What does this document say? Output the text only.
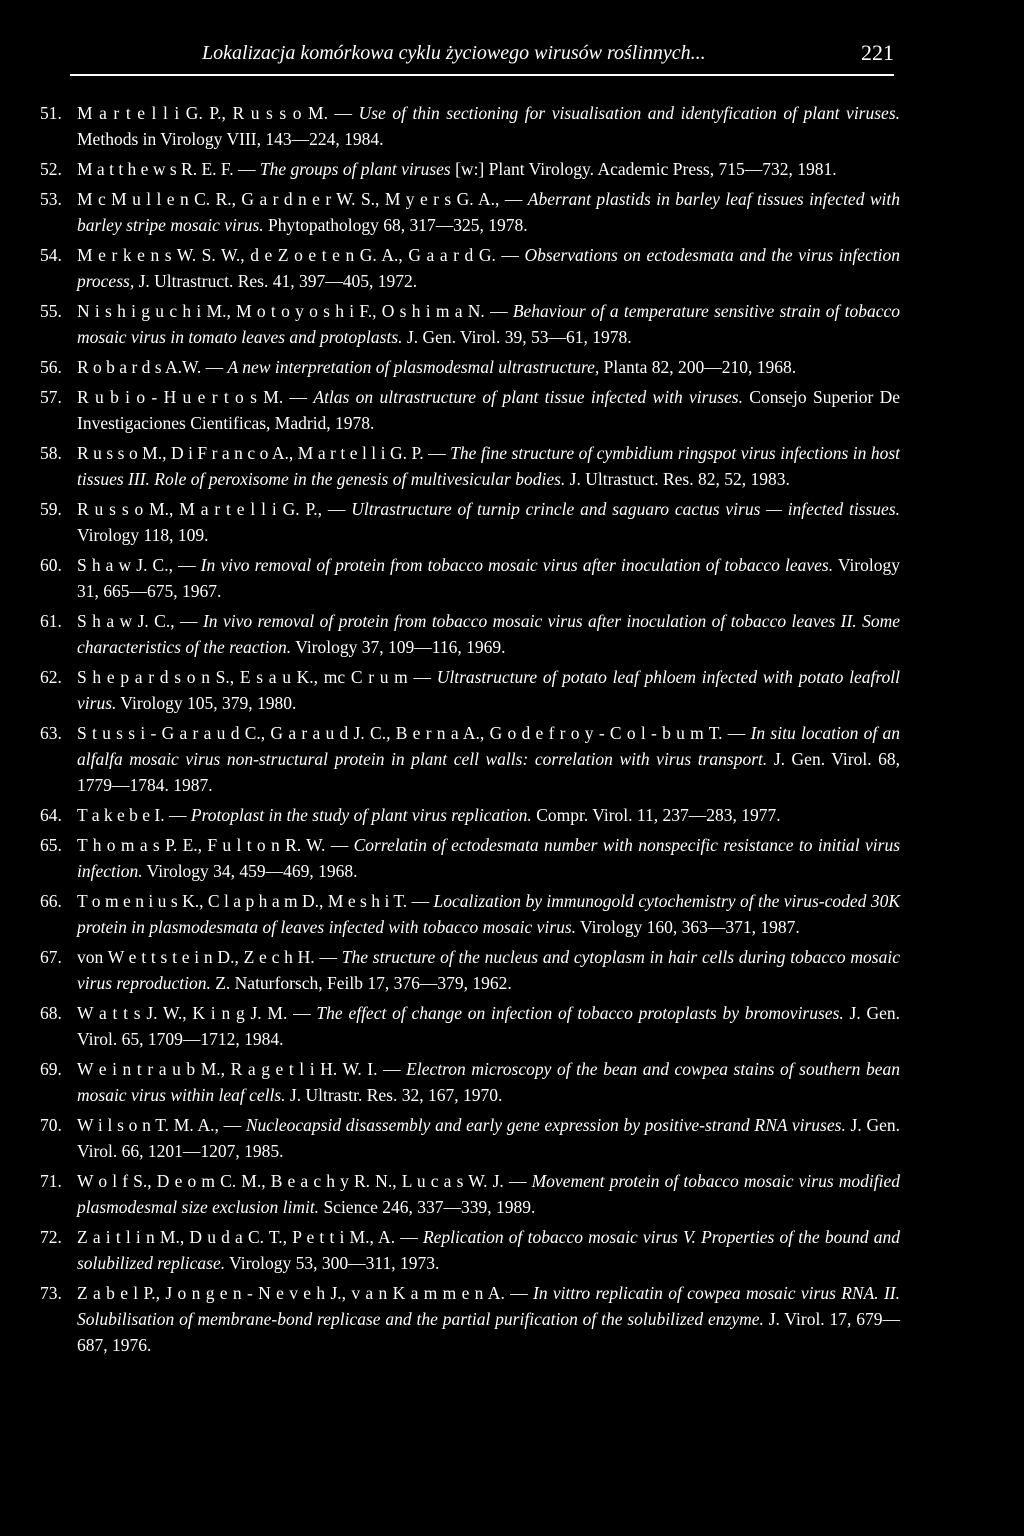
Lokalizacja komórkowa cyklu życiowego wirusów roślinnych...	221
51. M a r t e l l i G. P., R u s s o M. — Use of thin sectioning for visualisation and identyfication of plant viruses. Methods in Virology VIII, 143—224, 1984.
52. M a t t h e w s R. E. F. — The groups of plant viruses [w:] Plant Virology. Academic Press, 715—732, 1981.
53. M c M u l l e n C. R., G a r d n e r W. S., M y e r s G. A., — Aberrant plastids in barley leaf tissues infected with barley stripe mosaic virus. Phytopathology 68, 317—325, 1978.
54. M e r k e n s W. S. W., d e Z o e t e n G. A., G a a r d G. — Observations on ectodesmata and the virus infection process, J. Ultrastruct. Res. 41, 397—405, 1972.
55. N i s h i g u c h i M., M o t o y o s h i F., O s h i m a N. — Behaviour of a temperature sensitive strain of tobacco mosaic virus in tomato leaves and protoplasts. J. Gen. Virol. 39, 53—61, 1978.
56. R o b a r d s A.W. — A new interpretation of plasmodesmal ultrastructure, Planta 82, 200—210, 1968.
57. R u b i o - H u e r t o s M. — Atlas on ultrastructure of plant tissue infected with viruses. Consejo Superior De Investigaciones Cientificas, Madrid, 1978.
58. R u s s o M., D i F r a n c o A., M a r t e l l i G. P. — The fine structure of cymbidium ringspot virus infections in host tissues III. Role of peroxisome in the genesis of multivesicular bodies. J. Ultrastuct. Res. 82, 52, 1983.
59. R u s s o M., M a r t e l l i G. P., — Ultrastructure of turnip crincle and saguaro cactus virus — infected tissues. Virology 118, 109.
60. S h a w J. C., — In vivo removal of protein from tobacco mosaic virus after inoculation of tobacco leaves. Virology 31, 665—675, 1967.
61. S h a w J. C., — In vivo removal of protein from tobacco mosaic virus after inoculation of tobacco leaves II. Some characteristics of the reaction. Virology 37, 109—116, 1969.
62. S h e p a r d s o n S., E s a u K., mc C r u m — Ultrastructure of potato leaf phloem infected with potato leafroll virus. Virology 105, 379, 1980.
63. S t u s s i - G a r a u d C., G a r a u d J. C., B e r n a A., G o d e f r o y - C o l - b u m T. — In situ location of an alfalfa mosaic virus non-structural protein in plant cell walls: correlation with virus transport. J. Gen. Virol. 68, 1779—1784. 1987.
64. T a k e b e I. — Protoplast in the study of plant virus replication. Compr. Virol. 11, 237—283, 1977.
65. T h o m a s P. E., F u l t o n R. W. — Correlatin of ectodesmata number with nonspecific resistance to initial virus infection. Virology 34, 459—469, 1968.
66. T o m e n i u s K., C l a p h a m D., M e s h i T. — Localization by immunogold cytochemistry of the virus-coded 30K protein in plasmodesmata of leaves infected with tobacco mosaic virus. Virology 160, 363—371, 1987.
67. von W e t t s t e i n D., Z e c h H. — The structure of the nucleus and cytoplasm in hair cells during tobacco mosaic virus reproduction. Z. Naturforsch, Feilb 17, 376—379, 1962.
68. W a t t s J. W., K i n g J. M. — The effect of change on infection of tobacco protoplasts by bromoviruses. J. Gen. Virol. 65, 1709—1712, 1984.
69. W e i n t r a u b M., R a g e t l i H. W. I. — Electron microscopy of the bean and cowpea stains of southern bean mosaic virus within leaf cells. J. Ultrastr. Res. 32, 167, 1970.
70. W i l s o n T. M. A., — Nucleocapsid disassembly and early gene expression by positive-strand RNA viruses. J. Gen. Virol. 66, 1201—1207, 1985.
71. W o l f S., D e o m C. M., B e a c h y R. N., L u c a s W. J. — Movement protein of tobacco mosaic virus modified plasmodesmal size exclusion limit. Science 246, 337—339, 1989.
72. Z a i t l i n M., D u d a C. T., P e t t i M., A. — Replication of tobacco mosaic virus V. Properties of the bound and solubilized replicase. Virology 53, 300—311, 1973.
73. Z a b e l P., J o n g e n - N e v e h J., v a n K a m m e n A. — In vittro replicatin of cowpea mosaic virus RNA. II. Solubilisation of membrane-bond replicase and the partial purification of the solubilized enzyme. J. Virol. 17, 679—687, 1976.
